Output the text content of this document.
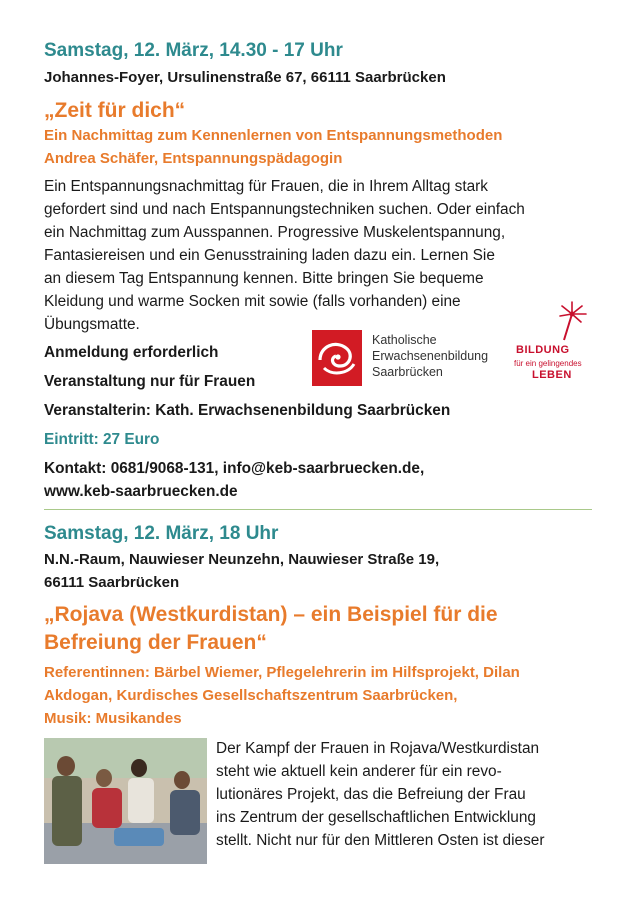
Samstag, 12. März, 14.30 - 17 Uhr
Johannes-Foyer, Ursulinenstraße 67, 66111 Saarbrücken
„Zeit für dich“
Ein Nachmittag zum Kennenlernen von Entspannungsmethoden
Andrea Schäfer, Entspannungspädagogin
Ein Entspannungsnachmittag für Frauen, die in Ihrem Alltag stark
gefordert sind und nach Entspannungstechniken suchen. Oder einfach
ein Nachmittag zum Ausspannen. Progressive Muskelentspannung,
Fantasiereisen und ein Genusstraining laden dazu ein. Lernen Sie
an diesem Tag Entspannung kennen. Bitte bringen Sie bequeme
Kleidung und warme Socken mit sowie (falls vorhanden) eine
Übungsmatte.
Anmeldung erforderlich
Veranstaltung nur für Frauen
Veranstalterin: Kath. Erwachsenenbildung Saarbrücken
Eintritt: 27 Euro
Kontakt: 0681/9068-131, info@keb-saarbruecken.de,
www.keb-saarbruecken.de
Katholische
Erwachsenenbildung
Saarbrücken
BILDUNG
für ein gelingendes
LEBEN
Samstag, 12. März, 18 Uhr
N.N.-Raum, Nauwieser Neunzehn, Nauwieser Straße 19,
66111 Saarbrücken
„Rojava (Westkurdistan) – ein Beispiel für die
Befreiung der Frauen“
Referentinnen: Bärbel Wiemer, Pflegelehrerin im Hilfsprojekt, Dilan
Akdogan, Kurdisches Gesellschaftszentrum Saarbrücken,
Musik: Musikandes
Der Kampf der Frauen in Rojava/Westkurdistan
steht wie aktuell kein anderer für ein revo-
lutionäres Projekt, das die Befreiung der Frau
ins Zentrum der gesellschaftlichen Entwicklung
stellt. Nicht nur für den Mittleren Osten ist dieser
